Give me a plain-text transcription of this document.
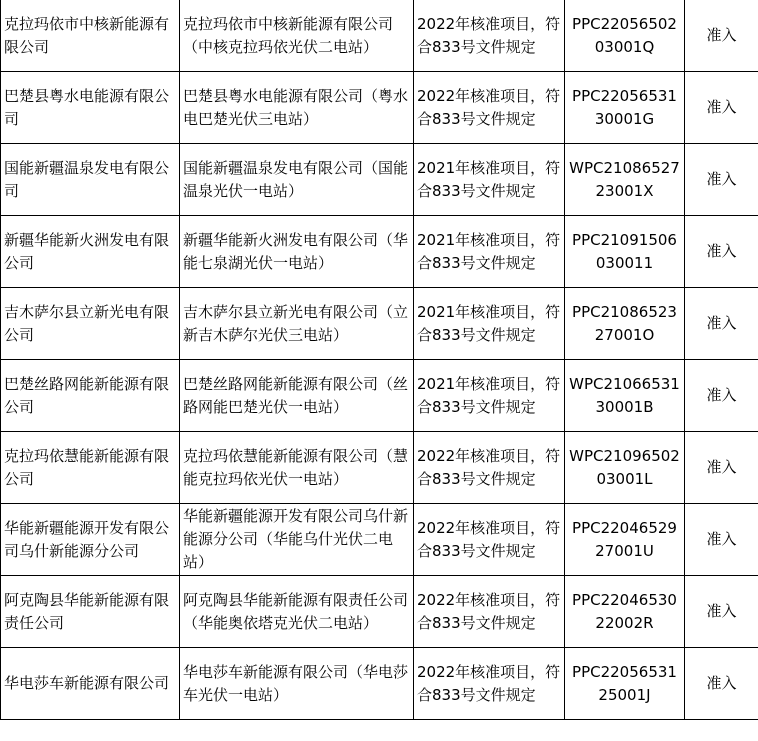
克拉玛依市中核新能源有限公司	克拉玛依市中核新能源有限公司（中核克拉玛依光伏二电站）	2022年核准项目，符合833号文件规定	PPC2205650203001Q	准入
巴楚县粤水电能源有限公司	巴楚县粤水电能源有限公司（粤水电巴楚光伏三电站）	2022年核准项目，符合833号文件规定	PPC2205653130001G	准入
国能新疆温泉发电有限公司	国能新疆温泉发电有限公司（国能温泉光伏一电站）	2021年核准项目，符合833号文件规定	WPC2108652723001X	准入
新疆华能新火洲发电有限公司	新疆华能新火洲发电有限公司（华能七泉湖光伏一电站）	2021年核准项目，符合833号文件规定	PPC21091506030011	准入
吉木萨尔县立新光电有限公司	吉木萨尔县立新光电有限公司（立新吉木萨尔光伏三电站）	2021年核准项目，符合833号文件规定	PPC2108652327001O	准入
巴楚丝路网能新能源有限公司	巴楚丝路网能新能源有限公司（丝路网能巴楚光伏一电站）	2021年核准项目，符合833号文件规定	WPC2106653130001B	准入
克拉玛依慧能新能源有限公司	克拉玛依慧能新能源有限公司（慧能克拉玛依光伏一电站）	2022年核准项目，符合833号文件规定	WPC2109650203001L	准入
华能新疆能源开发有限公司乌什新能源分公司	华能新疆能源开发有限公司乌什新能源分公司（华能乌什光伏二电站）	2022年核准项目，符合833号文件规定	PPC2204652927001U	准入
阿克陶县华能新能源有限责任公司	阿克陶县华能新能源有限责任公司（华能奥依塔克光伏二电站）	2022年核准项目，符合833号文件规定	PPC2204653022002R	准入
华电莎车新能源有限公司	华电莎车新能源有限公司（华电莎车光伏一电站）	2022年核准项目，符合833号文件规定	PPC2205653125001J	准入
